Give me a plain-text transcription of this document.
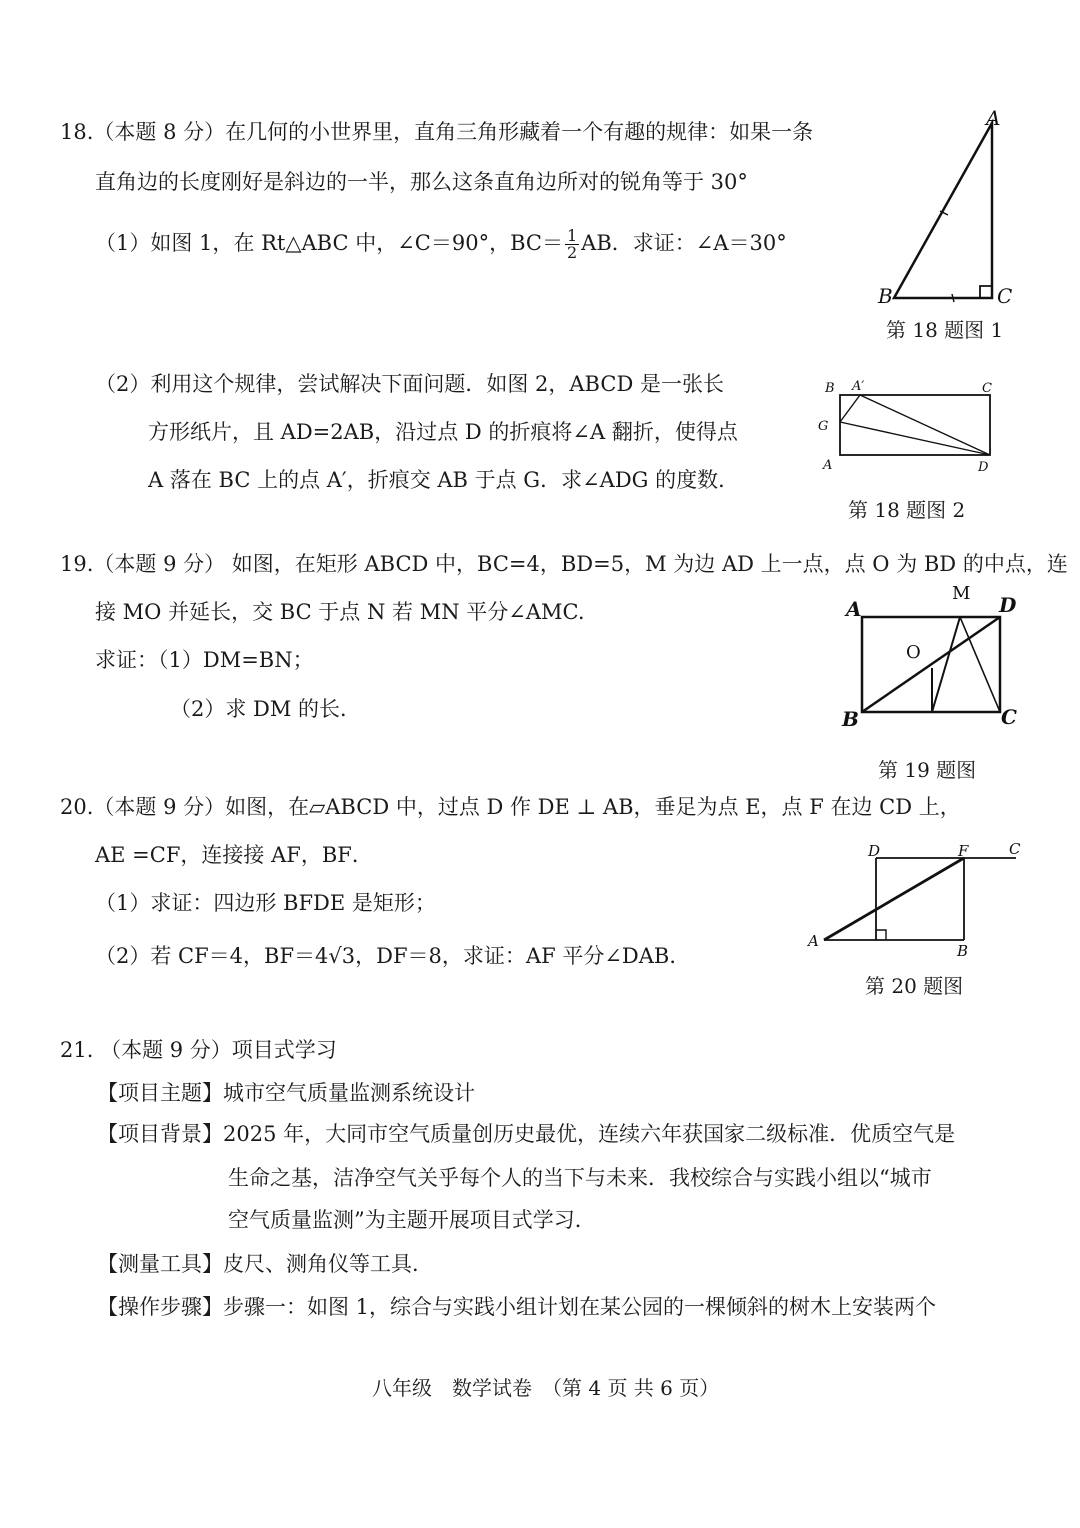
18.（本题 8 分）在几何的小世界里，直角三角形藏着一个有趣的规律：如果一条
直角边的长度刚好是斜边的一半，那么这条直角边所对的锐角等于 30°
（1）如图 1，在 Rt△ABC 中，∠C＝90°，$BC= \frac{1}{2}$ AB．求证：∠A＝30°
A
B	C
第 18 题图 1
（2）利用这个规律，尝试解决下面问题．如图 2，ABCD 是一张长
方形纸片，且 AD=2AB，沿过点 D 的折痕将∠A 翻折，使得点
A 落在 BC 上的点 A′，折痕交 AB 于点 G．求∠ADG 的度数．
B A′	C
G
A	D
第 18 题图 2
19.（本题 9 分） 如图，在矩形 ABCD 中，BC=4，BD=5，M 为边 AD 上一点，点 O 为 BD 的中点，连
接 MO 并延长，交 BC 于点 N 若 MN 平分∠AMC.
求证：（1）DM=BN；
（2）求 DM 的长．
A
M D
O
B	C
第 19 题图
20.（本题 9 分）如图，在▱ABCD 中，过点 D 作 DE ⊥ AB，垂足为点 E，点 F 在边 CD 上，
AE =CF，连接接 AF，BF．
（1）求证：四边形 BFDE 是矩形；
（2）若 CF＝4，BF＝4√3，DF＝8，求证：AF 平分∠DAB．
D	F	C
A
B
第 20 题图
21. （本题 9 分）项目式学习
【项目主题】城市空气质量监测系统设计
【项目背景】2025 年，大同市空气质量创历史最优，连续六年获国家二级标准．优质空气是
生命之基，洁净空气关乎每个人的当下与未来．我校综合与实践小组以“城市
空气质量监测”为主题开展项目式学习．
【测量工具】皮尺、测角仪等工具．
【操作步骤】步骤一：如图 1，综合与实践小组计划在某公园的一棵倾斜的树木上安装两个
八年级　数学试卷　（第 4 页 共 6 页）
